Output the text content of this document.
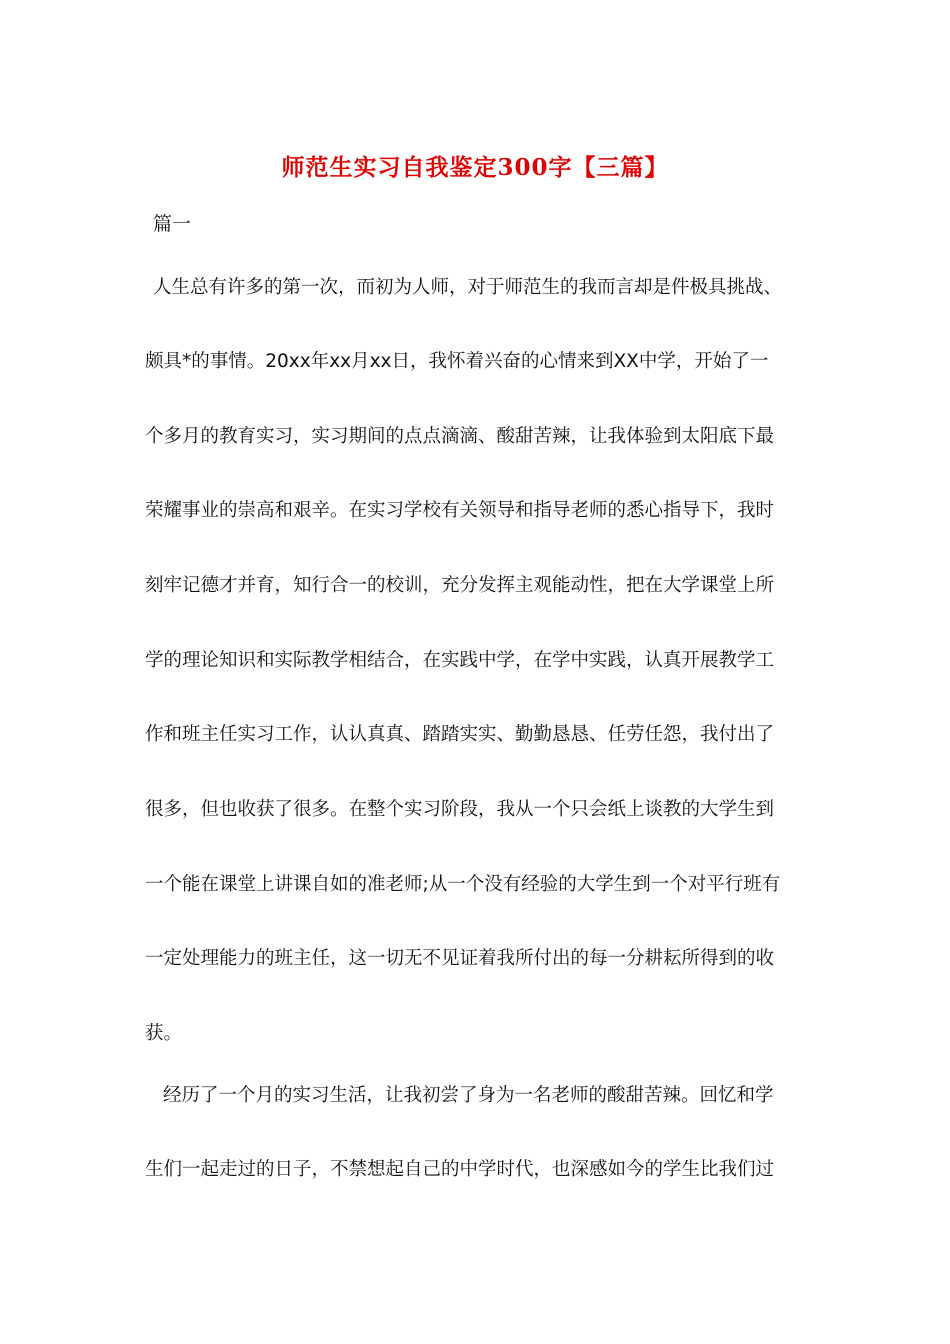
师范生实习自我鉴定300字【三篇】
篇一
人生总有许多的第一次，而初为人师，对于师范生的我而言却是件极具挑战、
颇具*的事情。20xx年xx月xx日，我怀着兴奋的心情来到XX中学，开始了一
个多月的教育实习，实习期间的点点滴滴、酸甜苦辣，让我体验到太阳底下最
荣耀事业的崇高和艰辛。在实习学校有关领导和指导老师的悉心指导下，我时
刻牢记德才并育，知行合一的校训，充分发挥主观能动性，把在大学课堂上所
学的理论知识和实际教学相结合，在实践中学，在学中实践，认真开展教学工
作和班主任实习工作，认认真真、踏踏实实、勤勤恳恳、任劳任怨，我付出了
很多，但也收获了很多。在整个实习阶段，我从一个只会纸上谈教的大学生到
一个能在课堂上讲课自如的准老师;从一个没有经验的大学生到一个对平行班有
一定处理能力的班主任，这一切无不见证着我所付出的每一分耕耘所得到的收
获。
经历了一个月的实习生活，让我初尝了身为一名老师的酸甜苦辣。回忆和学
生们一起走过的日子，不禁想起自己的中学时代，也深感如今的学生比我们过
